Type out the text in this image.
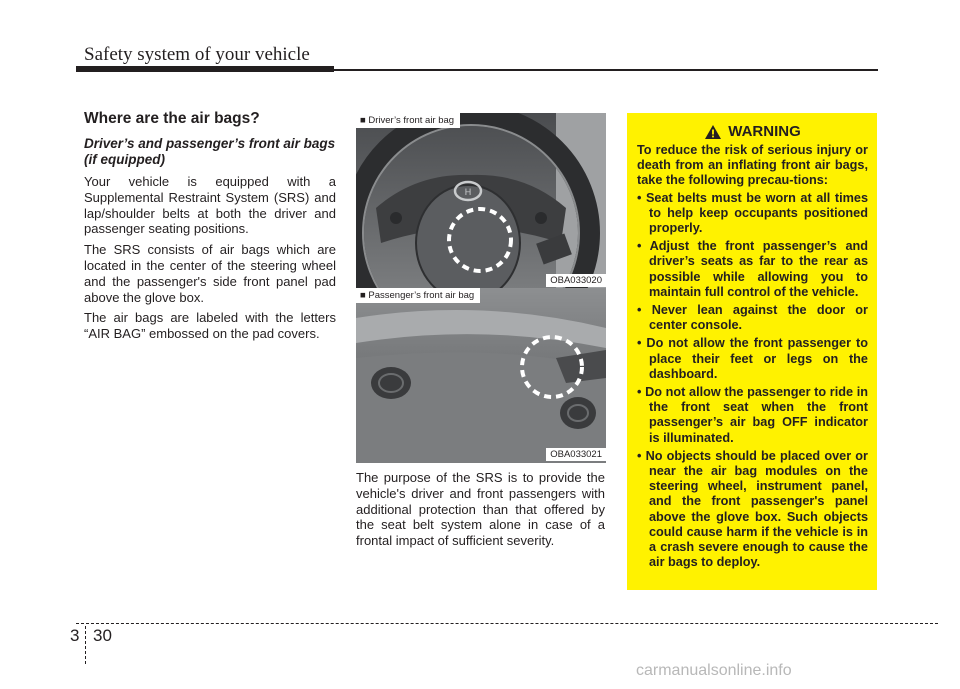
Safety system of your vehicle
Where are the air bags?
Driver’s and passenger’s front air bags (if equipped)

Your vehicle is equipped with a Supplemental Restraint System (SRS) and lap/shoulder belts at both the driver and passenger seating positions.

The SRS consists of air bags which are located in the center of the steering wheel and the passenger's side front panel pad above the glove box.

The air bags are labeled with the letters “AIR BAG” embossed on the pad covers.

H
■ Driver’s front air bag
OBA033020
■ Passenger’s front air bag
OBA033021

The purpose of the SRS is to provide the vehicle's driver and front passengers with additional protection than that offered by the seat belt system alone in case of a frontal impact of sufficient severity.

WARNING

To reduce the risk of serious injury or death from an inflating front air bags, take the following precau-tions:

• Seat belts must be worn at all times to help keep occupants positioned properly.
• Adjust the front passenger’s and driver’s seats as far to the rear as possible while allowing you to maintain full control of the vehicle.
• Never lean against the door or center console.
• Do not allow the front passenger to place their feet or legs on the dashboard.
• Do not allow the passenger to ride in the front seat when the front passenger’s air bag OFF indicator is illuminated.
• No objects should be placed over or near the air bag modules on the steering wheel, instrument panel, and the front passenger's panel above the glove box. Such objects could cause harm if the vehicle is in a crash severe enough to cause the air bags to deploy.
3 30
carmanualsonline.info
